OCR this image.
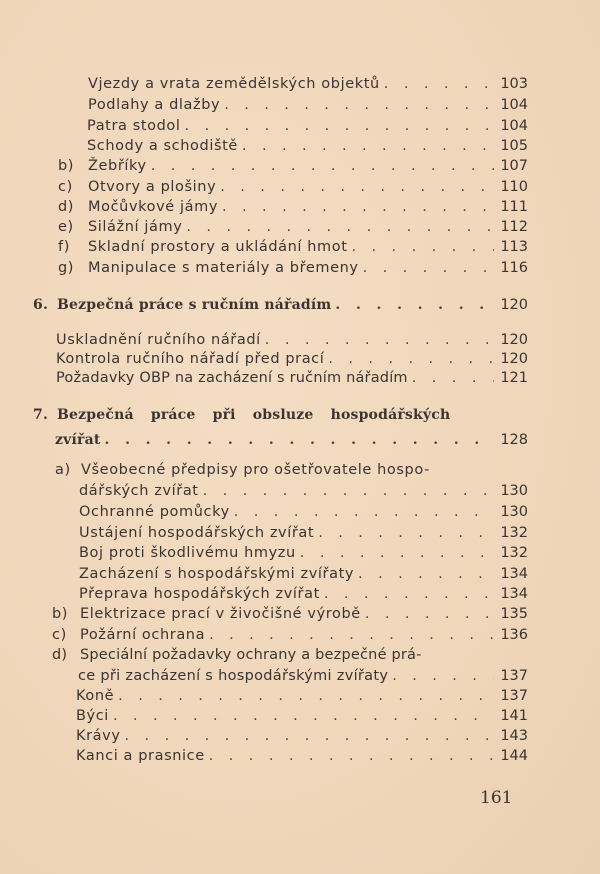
Vjezdy a vrata zemědělských objektů . . .	103
Podlahy a dlažby . . .	104
Patra stodol . . .	104
Schody a schodiště . . .	105
b) Žebříky . . .	107
c)	Otvory a plošiny . . .	110
d) Močůvkové jámy . . .	111
e) Silážní jámy . . .	112
f)	Skladní prostory a ukládání hmot . . .	113
g) Manipulace s materiály a břemeny . . .	116
6. Bezpečná práce s ručním nářadím . . .	120
Uskladnění ručního nářadí . . .	120
Kontrola ručního nářadí před prací . . .	120
Požadavky OBP na zacházení s ručním nářadím . . .	121
7. Bezpečná práce při obsluze hospodářských
zvířat . . .	128
a) Všeobecné předpisy pro ošetřovatele hospo-
dářských zvířat . . .	130
Ochranné pomůcky . . .	130
Ustájení hospodářských zvířat . . .	132
Boj proti škodlivému hmyzu . . .	132
Zacházení s hospodářskými zvířaty . . .	134
Přeprava hospodářských zvířat . . .	134
b) Elektrizace prací v živočišné výrobě . . .	135
c) Požární ochrana . . .	136
d) Speciální požadavky ochrany a bezpečné prá-
ce při zacházení s hospodářskými zvířaty . . .	137
Koně . . .	137
Býci . . .	141
Krávy . . .	143
Kanci a prasnice . . .	144
161
